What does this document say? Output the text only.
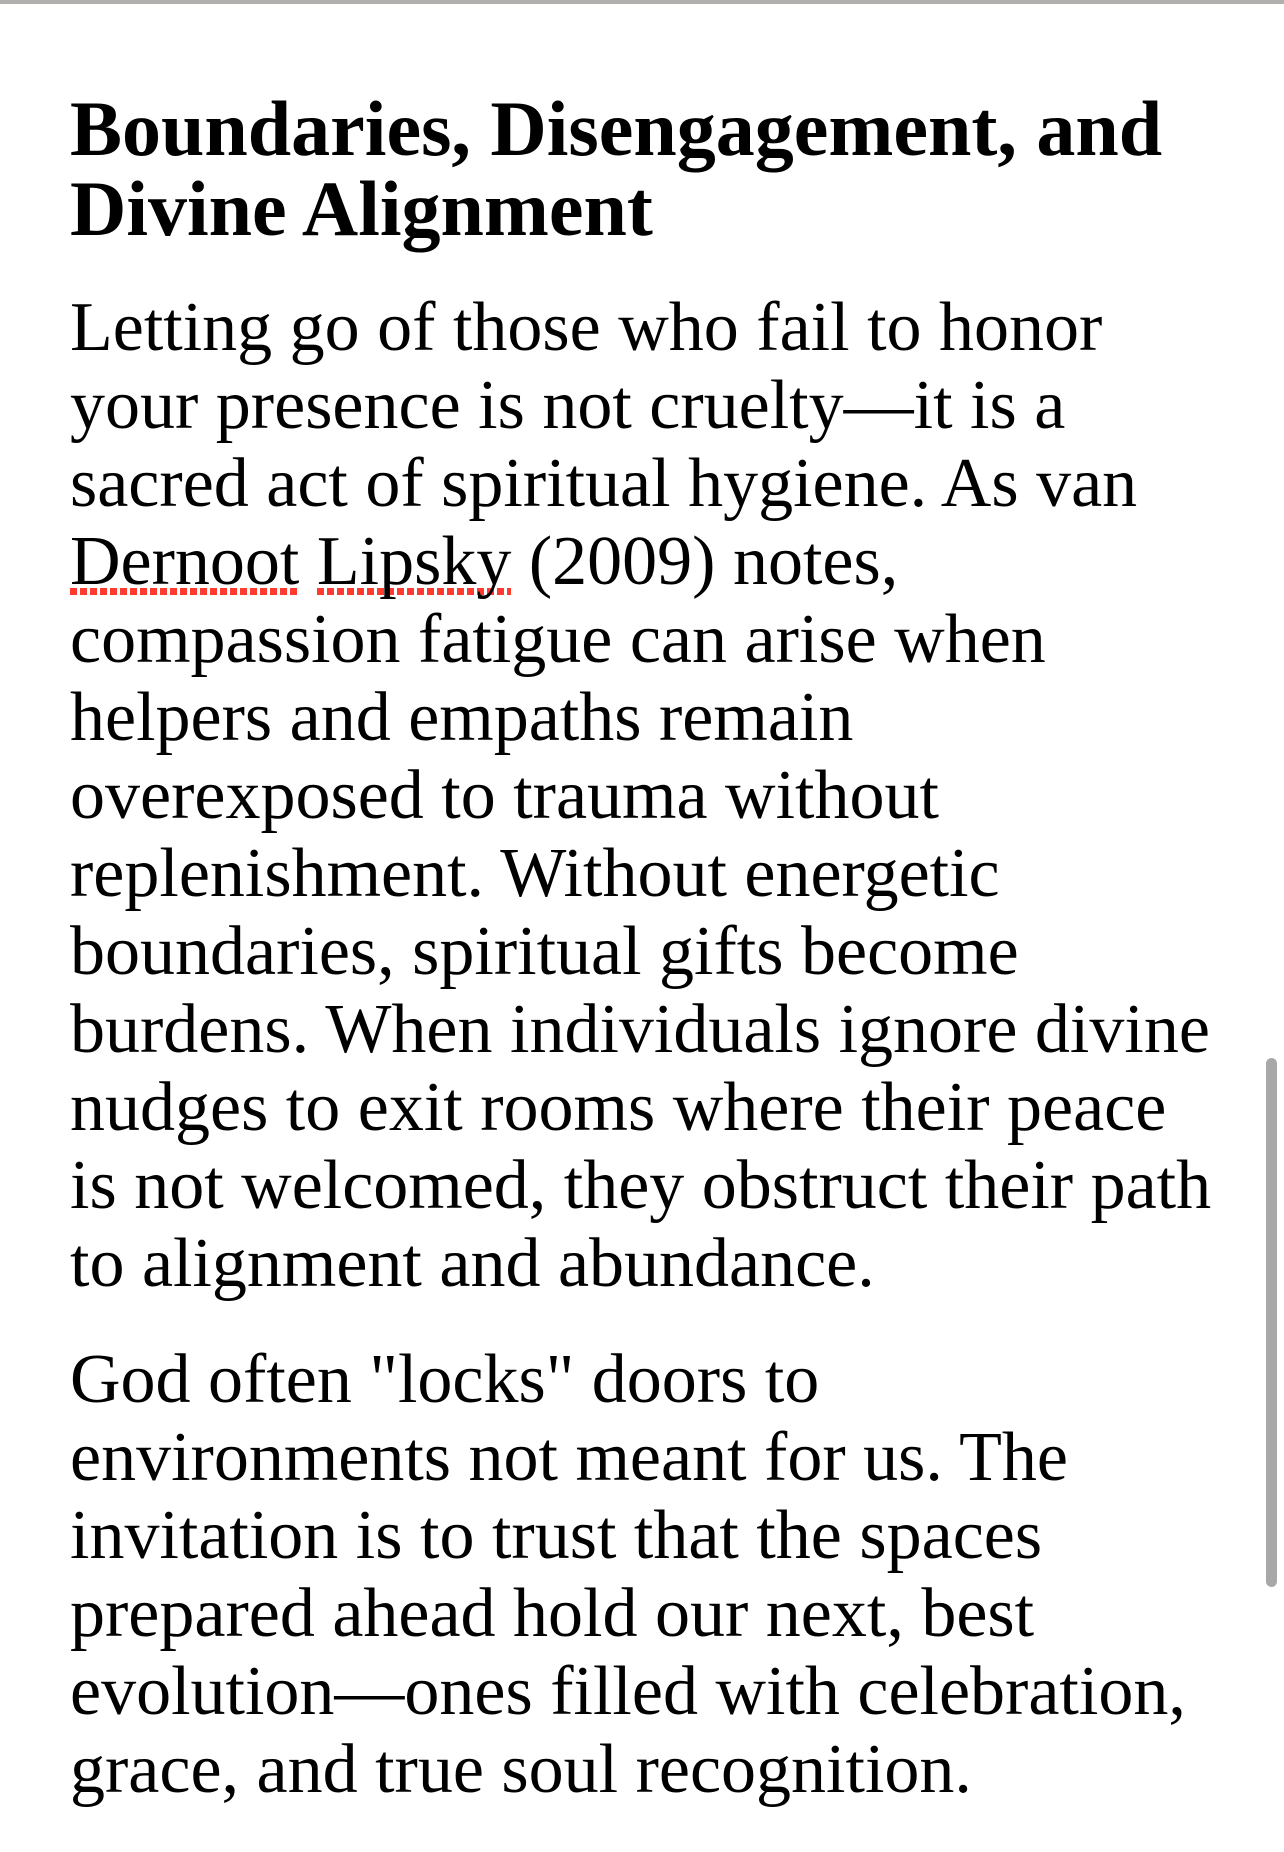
Boundaries, Disengagement, and
Divine Alignment
Letting go of those who fail to honor
your presence is not cruelty—it is a
sacred act of spiritual hygiene. As van
Dernoot Lipsky (2009) notes,
compassion fatigue can arise when
helpers and empaths remain
overexposed to trauma without
replenishment. Without energetic
boundaries, spiritual gifts become
burdens. When individuals ignore divine
nudges to exit rooms where their peace
is not welcomed, they obstruct their path
to alignment and abundance.
God often "locks" doors to
environments not meant for us. The
invitation is to trust that the spaces
prepared ahead hold our next, best
evolution—ones filled with celebration,
grace, and true soul recognition.
